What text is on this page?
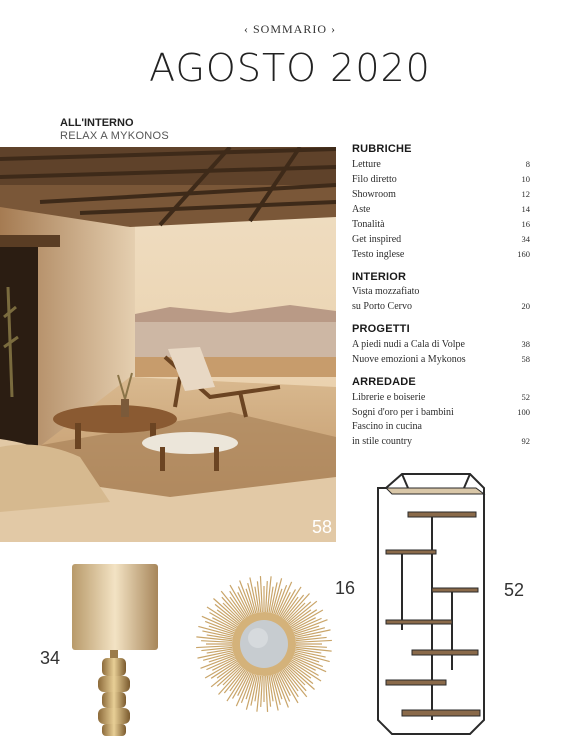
‹ SOMMARIO ›
AGOSTO 2020
ALL'INTERNO
RELAX A MYKONOS
58
RUBRICHE
Letture	8
Filo diretto	10
Showroom	12
Aste	14
Tonalità	16
Get inspired	34
Testo inglese	160
INTERIOR
Vista mozzafiato
su Porto Cervo	20
PROGETTI
A piedi nudi a Cala di Volpe	38
Nuove emozioni a Mykonos	58
ARREDADE
Librerie e boiserie	52
Sogni d'oro per i bambini	100
Fascino in cucina
in stile country	92
34
16	52
